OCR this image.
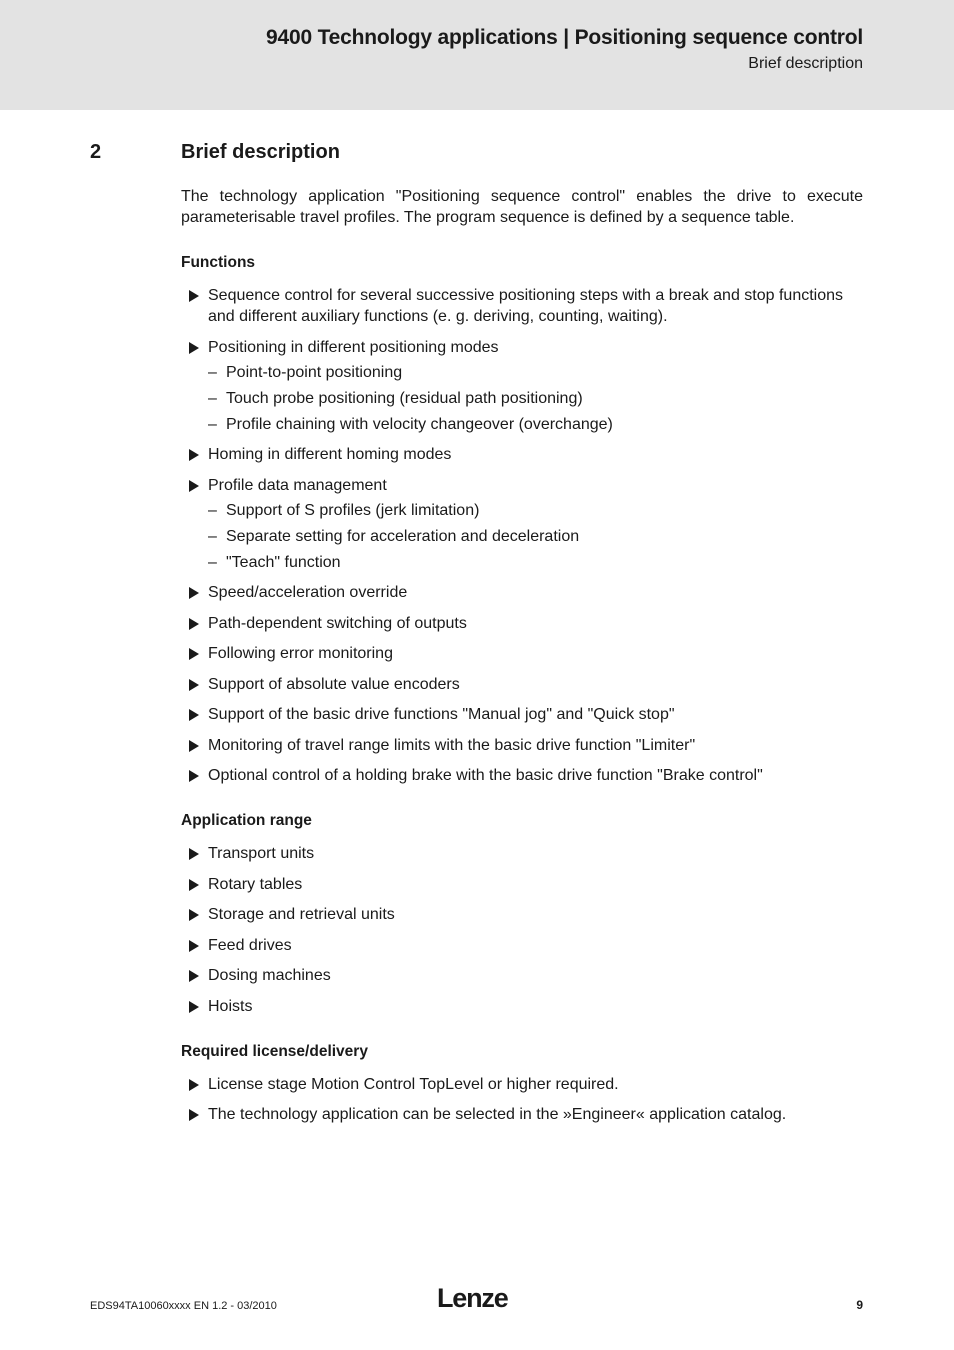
9400 Technology applications | Positioning sequence control
Brief description
2	Brief description

The technology application "Positioning sequence control" enables the drive to execute parameterisable travel profiles. The program sequence is defined by a sequence table.

Functions
Sequence control for several successive positioning steps with a break and stop functions and different auxiliary functions (e. g. deriving, counting, waiting).
Positioning in different positioning modes
– Point-to-point positioning
– Touch probe positioning (residual path positioning)
– Profile chaining with velocity changeover (overchange)
Homing in different homing modes
Profile data management
– Support of S profiles (jerk limitation)
– Separate setting for acceleration and deceleration
– "Teach" function
Speed/acceleration override
Path-dependent switching of outputs
Following error monitoring
Support of absolute value encoders
Support of the basic drive functions "Manual jog" and "Quick stop"
Monitoring of travel range limits with the basic drive function "Limiter"
Optional control of a holding brake with the basic drive function "Brake control"
Application range
Transport units
Rotary tables
Storage and retrieval units
Feed drives
Dosing machines
Hoists
Required license/delivery
License stage Motion Control TopLevel or higher required.
The technology application can be selected in the »Engineer« application catalog.
EDS94TA10060xxxx EN 1.2 - 03/2010	Lenze	9
